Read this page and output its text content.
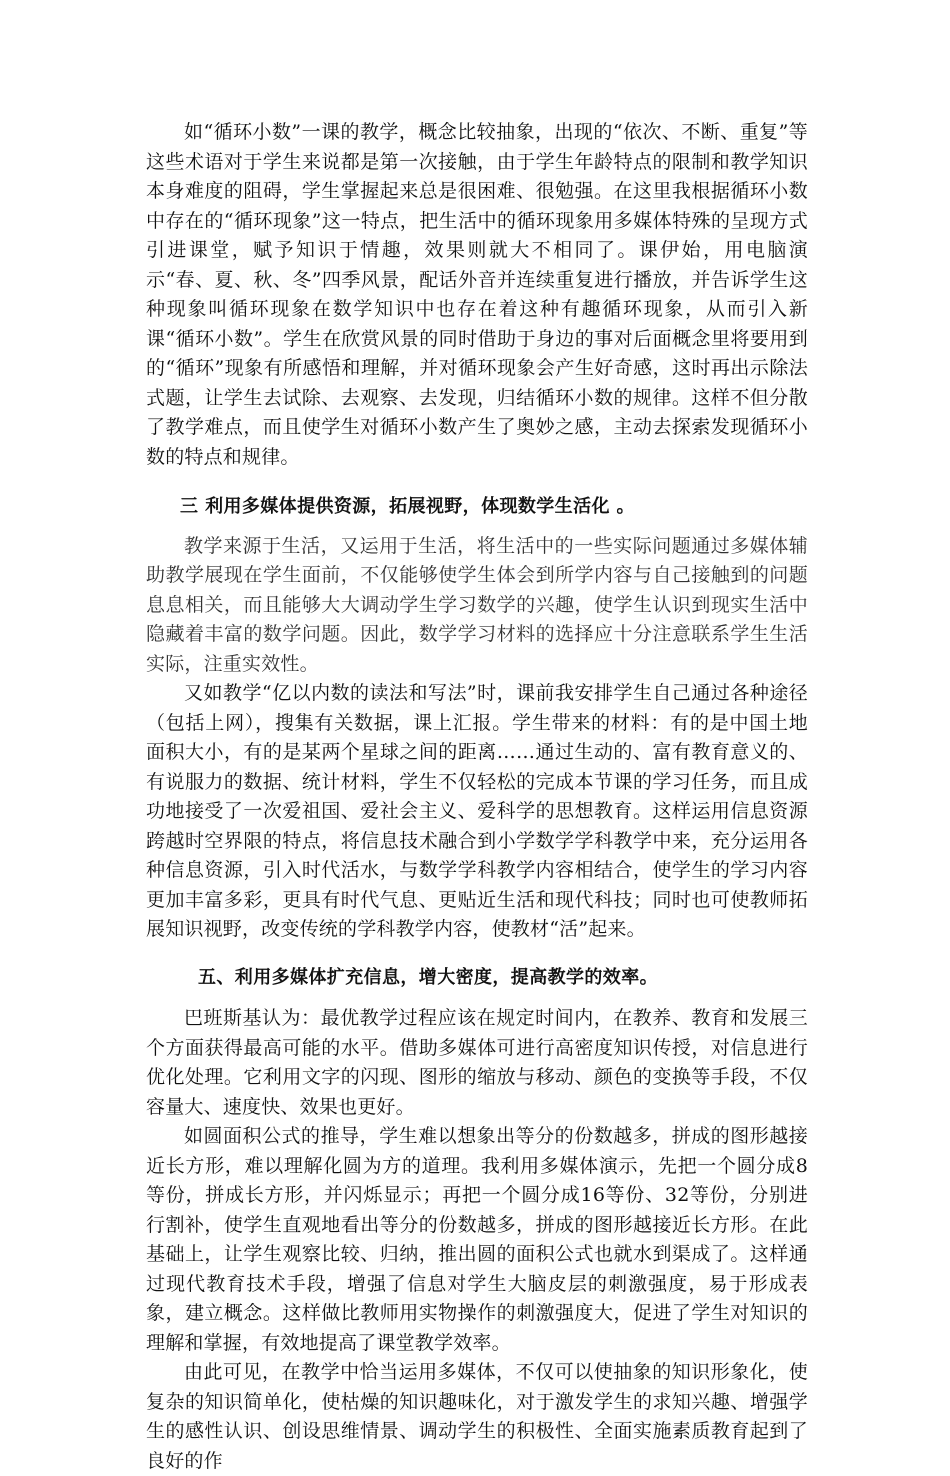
如“循环小数”一课的教学，概念比较抽象，出现的“依次、不断、重复”等这些术语对于学生来说都是第一次接触，由于学生年龄特点的限制和教学知识本身难度的阻碍，学生掌握起来总是很困难、很勉强。在这里我根据循环小数中存在的“循环现象”这一特点，把生活中的循环现象用多媒体特殊的呈现方式引进课堂，赋予知识于情趣，效果则就大不相同了。课伊始，用电脑演示“春、夏、秋、冬”四季风景，配话外音并连续重复进行播放，并告诉学生这种现象叫循环现象在数学知识中也存在着这种有趣循环现象，从而引入新课“循环小数”。学生在欣赏风景的同时借助于身边的事对后面概念里将要用到的“循环”现象有所感悟和理解，并对循环现象会产生好奇感，这时再出示除法式题，让学生去试除、去观察、去发现，归结循环小数的规律。这样不但分散了教学难点，而且使学生对循环小数产生了奥妙之感，主动去探索发现循环小数的特点和规律。

三 利用多媒体提供资源，拓展视野，体现数学生活化 。

教学来源于生活，又运用于生活，将生活中的一些实际问题通过多媒体辅助教学展现在学生面前，不仅能够使学生体会到所学内容与自己接触到的问题息息相关，而且能够大大调动学生学习数学的兴趣，使学生认识到现实生活中隐藏着丰富的数学问题。因此，数学学习材料的选择应十分注意联系学生生活实际，注重实效性。

又如教学“亿以内数的读法和写法”时，课前我安排学生自己通过各种途径（包括上网），搜集有关数据，课上汇报。学生带来的材料：有的是中国土地面积大小，有的是某两个星球之间的距离……通过生动的、富有教育意义的、有说服力的数据、统计材料，学生不仅轻松的完成本节课的学习任务，而且成功地接受了一次爱祖国、爱社会主义、爱科学的思想教育。这样运用信息资源跨越时空界限的特点，将信息技术融合到小学数学学科教学中来，充分运用各种信息资源，引入时代活水，与数学学科教学内容相结合，使学生的学习内容更加丰富多彩，更具有时代气息、更贴近生活和现代科技；同时也可使教师拓展知识视野，改变传统的学科教学内容，使教材“活”起来。

五、利用多媒体扩充信息，增大密度，提高教学的效率。

巴班斯基认为：最优教学过程应该在规定时间内，在教养、教育和发展三个方面获得最高可能的水平。借助多媒体可进行高密度知识传授，对信息进行优化处理。它利用文字的闪现、图形的缩放与移动、颜色的变换等手段，不仅容量大、速度快、效果也更好。

如圆面积公式的推导，学生难以想象出等分的份数越多，拼成的图形越接近长方形，难以理解化圆为方的道理。我利用多媒体演示，先把一个圆分成8等份，拼成长方形，并闪烁显示；再把一个圆分成16等份、32等份，分别进行割补，使学生直观地看出等分的份数越多，拼成的图形越接近长方形。在此基础上，让学生观察比较、归纳，推出圆的面积公式也就水到渠成了。这样通过现代教育技术手段，增强了信息对学生大脑皮层的刺激强度，易于形成表象，建立概念。这样做比教师用实物操作的刺激强度大，促进了学生对知识的理解和掌握，有效地提高了课堂教学效率。

由此可见，在教学中恰当运用多媒体，不仅可以使抽象的知识形象化，使复杂的知识简单化，使枯燥的知识趣味化，对于激发学生的求知兴趣、增强学生的感性认识、创设思维情景、调动学生的积极性、全面实施素质教育起到了良好的作
